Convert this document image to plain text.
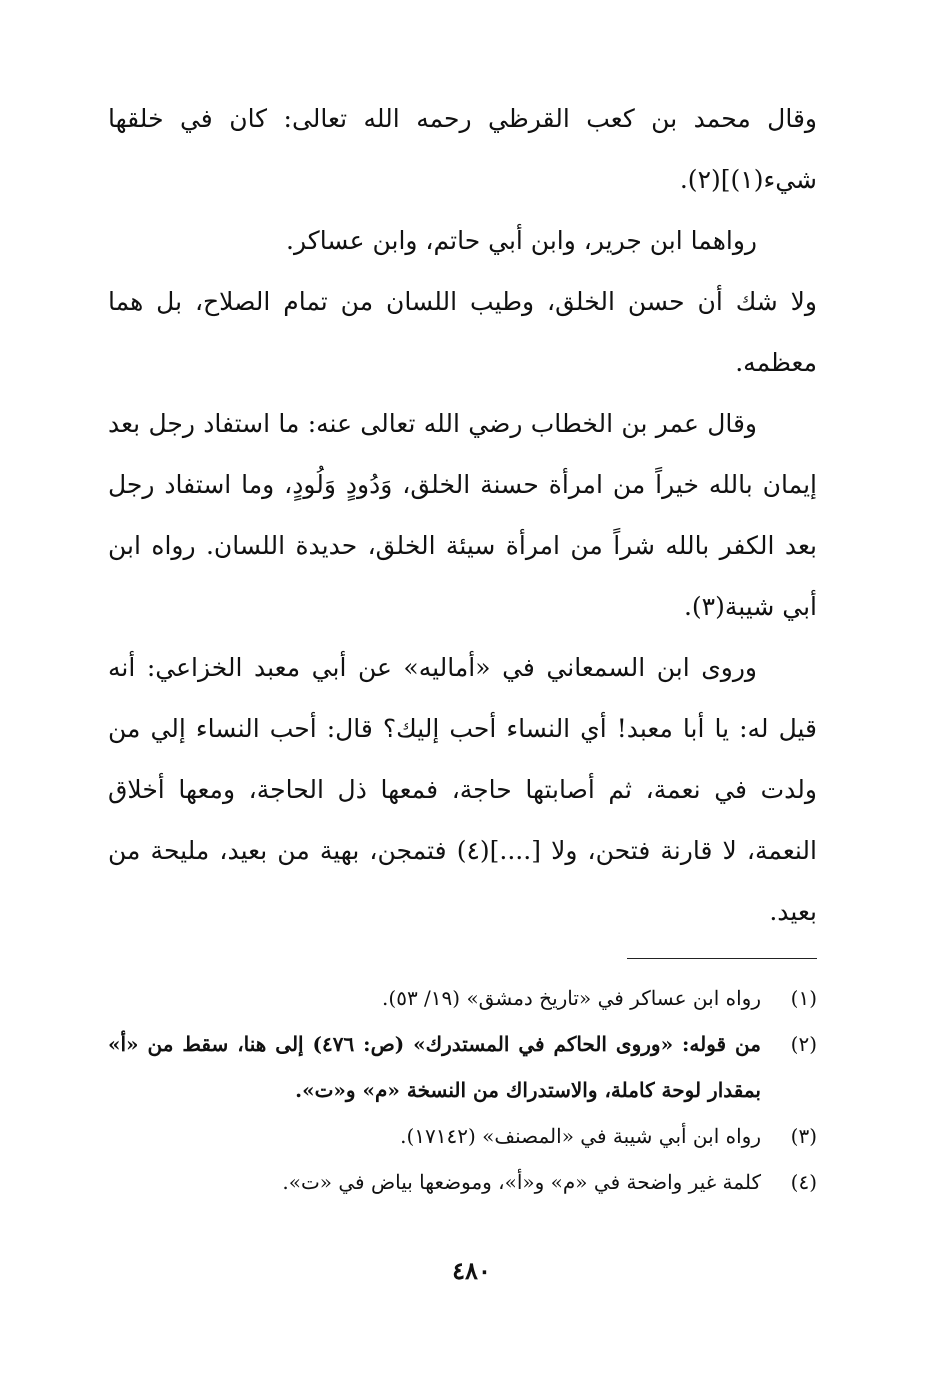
وقال محمد بن كعب القرظي رحمه الله تعالى: كان في خلقها شيء(١)](٢).

رواهما ابن جرير، وابن أبي حاتم، وابن عساكر.

ولا شك أن حسن الخلق، وطيب اللسان من تمام الصلاح، بل هما معظمه.

وقال عمر بن الخطاب رضي الله تعالى عنه: ما استفاد رجل بعد إيمان بالله خيراً من امرأة حسنة الخلق، وَدُودٍ وَلُودٍ، وما استفاد رجل بعد الكفر بالله شراً من امرأة سيئة الخلق، حديدة اللسان. رواه ابن أبي شيبة(٣).

وروى ابن السمعاني في «أماليه» عن أبي معبد الخزاعي: أنه قيل له: يا أبا معبد! أي النساء أحب إليك؟ قال: أحب النساء إلي من ولدت في نعمة، ثم أصابتها حاجة، فمعها ذل الحاجة، ومعها أخلاق النعمة، لا قارنة فتحن، ولا [....](٤) فتمجن، بهية من بعيد، مليحة من بعيد.

(١)
رواه ابن عساكر في «تاريخ دمشق» (١٩/ ٥٣).
(٢)
من قوله: «وروى الحاكم في المستدرك» (ص: ٤٧٦) إلى هنا، سقط من «أ» بمقدار لوحة كاملة، والاستدراك من النسخة «م» و«ت».
(٣)
رواه ابن أبي شيبة في «المصنف» (١٧١٤٢).
(٤)
كلمة غير واضحة في «م» و«أ»، وموضعها بياض في «ت».
٤٨٠
